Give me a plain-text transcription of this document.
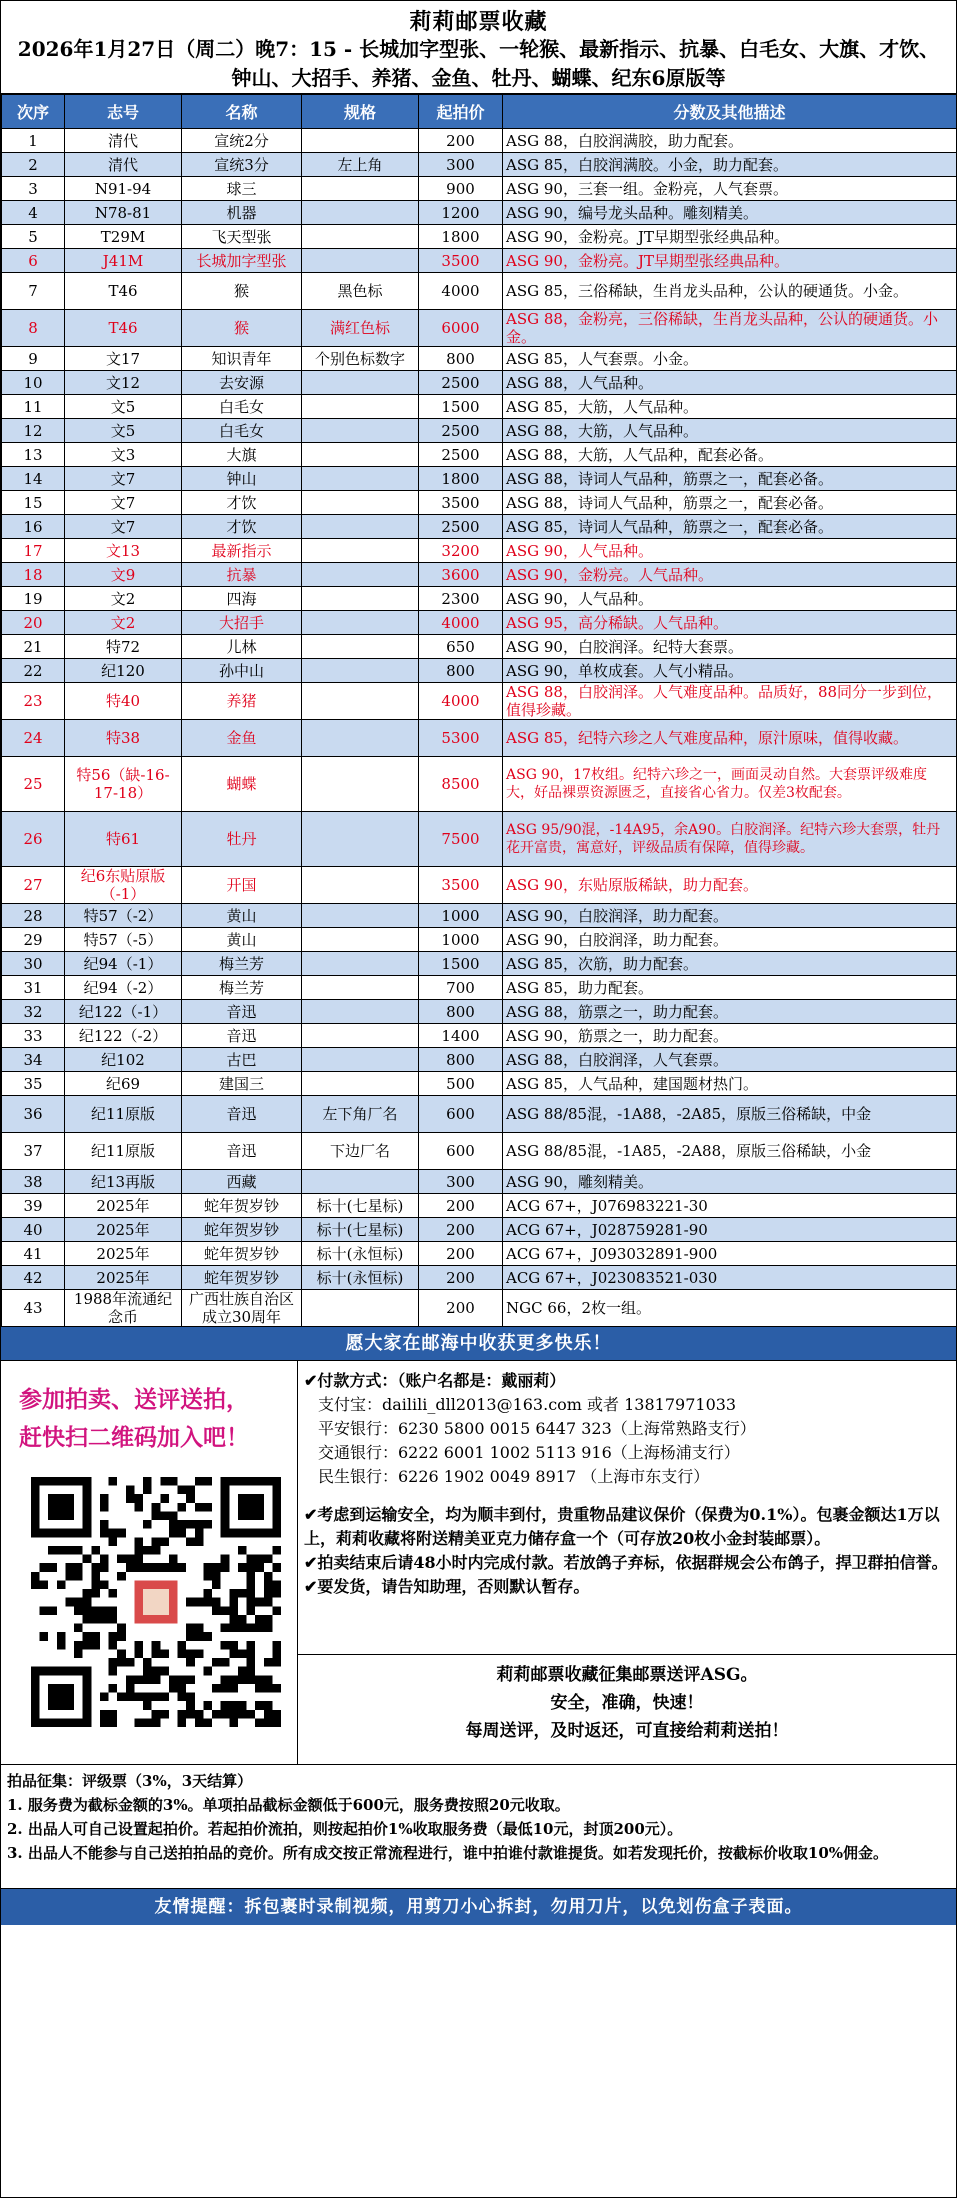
莉莉邮票收藏
2026年1月27日（周二）晚7：15 - 长城加字型张、一轮猴、最新指示、抗暴、白毛女、大旗、才饮、钟山、大招手、养猪、金鱼、牡丹、蝴蝶、纪东6原版等
次序	志号	名称	规格	起拍价	分数及其他描述
1	清代	宣统2分		200	ASG 88，白胶润满胶，助力配套。
2	清代	宣统3分	左上角	300	ASG 85，白胶润满胶。小金，助力配套。
3	N91-94	球三		900	ASG 90，三套一组。金粉亮，人气套票。
4	N78-81	机器		1200	ASG 90，编号龙头品种。雕刻精美。
5	T29M	飞天型张		1800	ASG 90，金粉亮。JT早期型张经典品种。
6	J41M	长城加字型张		3500	ASG 90，金粉亮。JT早期型张经典品种。
7	T46	猴	黑色标	4000	ASG 85，三俗稀缺，生肖龙头品种，公认的硬通货。小金。
8	T46	猴	满红色标	6000	ASG 88，金粉亮，三俗稀缺，生肖龙头品种，公认的硬通货。小金。
9	文17	知识青年	个别色标数字	800	ASG 85，人气套票。小金。
10	文12	去安源		2500	ASG 88，人气品种。
11	文5	白毛女		1500	ASG 85，大筋，人气品种。
12	文5	白毛女		2500	ASG 88，大筋，人气品种。
13	文3	大旗		2500	ASG 88，大筋，人气品种，配套必备。
14	文7	钟山		1800	ASG 88，诗词人气品种，筋票之一，配套必备。
15	文7	才饮		3500	ASG 88，诗词人气品种，筋票之一，配套必备。
16	文7	才饮		2500	ASG 85，诗词人气品种，筋票之一，配套必备。
17	文13	最新指示		3200	ASG 90，人气品种。
18	文9	抗暴		3600	ASG 90，金粉亮。人气品种。
19	文2	四海		2300	ASG 90，人气品种。
20	文2	大招手		4000	ASG 95，高分稀缺。人气品种。
21	特72	儿林		650	ASG 90，白胶润泽。纪特大套票。
22	纪120	孙中山		800	ASG 90，单枚成套。人气小精品。
23	特40	养猪		4000	ASG 88，白胶润泽。人气难度品种。品质好，88同分一步到位，值得珍藏。
24	特38	金鱼		5300	ASG 85，纪特六珍之人气难度品种，原汁原味，值得收藏。
25	特56（缺-16-17-18）	蝴蝶		8500	ASG 90，17枚组。纪特六珍之一，画面灵动自然。大套票评级难度大，好品裸票资源匮乏，直接省心省力。仅差3枚配套。
26	特61	牡丹		7500	ASG 95/90混，-14A95，余A90。白胶润泽。纪特六珍大套票，牡丹花开富贵，寓意好，评级品质有保障，值得珍藏。
27	纪6东贴原版（-1）	开国		3500	ASG 90，东贴原版稀缺，助力配套。
28	特57（-2）	黄山		1000	ASG 90，白胶润泽，助力配套。
29	特57（-5）	黄山		1000	ASG 90，白胶润泽，助力配套。
30	纪94（-1）	梅兰芳		1500	ASG 85，次筋，助力配套。
31	纪94（-2）	梅兰芳		700	ASG 85，助力配套。
32	纪122（-1）	音迅		800	ASG 88，筋票之一，助力配套。
33	纪122（-2）	音迅		1400	ASG 90，筋票之一，助力配套。
34	纪102	古巴		800	ASG 88，白胶润泽，人气套票。
35	纪69	建国三		500	ASG 85，人气品种，建国题材热门。
36	纪11原版	音迅	左下角厂名	600	ASG 88/85混，-1A88，-2A85，原版三俗稀缺，中金
37	纪11原版	音迅	下边厂名	600	ASG 88/85混，-1A85，-2A88，原版三俗稀缺，小金
38	纪13再版	西藏		300	ASG 90，雕刻精美。
39	2025年	蛇年贺岁钞	标十(七星标)	200	ACG 67+，J076983221-30
40	2025年	蛇年贺岁钞	标十(七星标)	200	ACG 67+，J028759281-90
41	2025年	蛇年贺岁钞	标十(永恒标)	200	ACG 67+，J093032891-900
42	2025年	蛇年贺岁钞	标十(永恒标)	200	ACG 67+，J023083521-030
43	1988年流通纪念币	广西壮族自治区成立30周年		200	NGC 66，2枚一组。
愿大家在邮海中收获更多快乐！
参加拍卖、送评送拍，
赶快扫二维码加入吧！

✔付款方式：（账户名都是：戴丽莉）

支付宝：dailili_dll2013@163.com 或者 13817971033

平安银行：6230 5800 0015 6447 323（上海常熟路支行）

交通银行：6222 6001 1002 5113 916（上海杨浦支行）

民生银行：6226 1902 0049 8917 （上海市东支行）

✔考虑到运输安全，均为顺丰到付，贵重物品建议保价（保费为0.1%）。包裹金额达1万以上，莉莉收藏将附送精美亚克力储存盒一个（可存放20枚小金封装邮票）。

✔拍卖结束后请48小时内完成付款。若放鸽子弃标，依据群规会公布鸽子，捍卫群拍信誉。

✔要发货，请告知助理，否则默认暂存。

莉莉邮票收藏征集邮票送评ASG。
安全，准确，快速！
每周送评，及时返还，可直接给莉莉送拍！

拍品征集：评级票（3%，3天结算）

1. 服务费为截标金额的3%。单项拍品截标金额低于600元，服务费按照20元收取。

2. 出品人可自己设置起拍价。若起拍价流拍，则按起拍价1%收取服务费（最低10元，封顶200元）。

3. 出品人不能参与自己送拍拍品的竞价。所有成交按正常流程进行，谁中拍谁付款谁提货。如若发现托价，按截标价收取10%佣金。

友情提醒：拆包裹时录制视频，用剪刀小心拆封，勿用刀片，以免划伤盒子表面。
